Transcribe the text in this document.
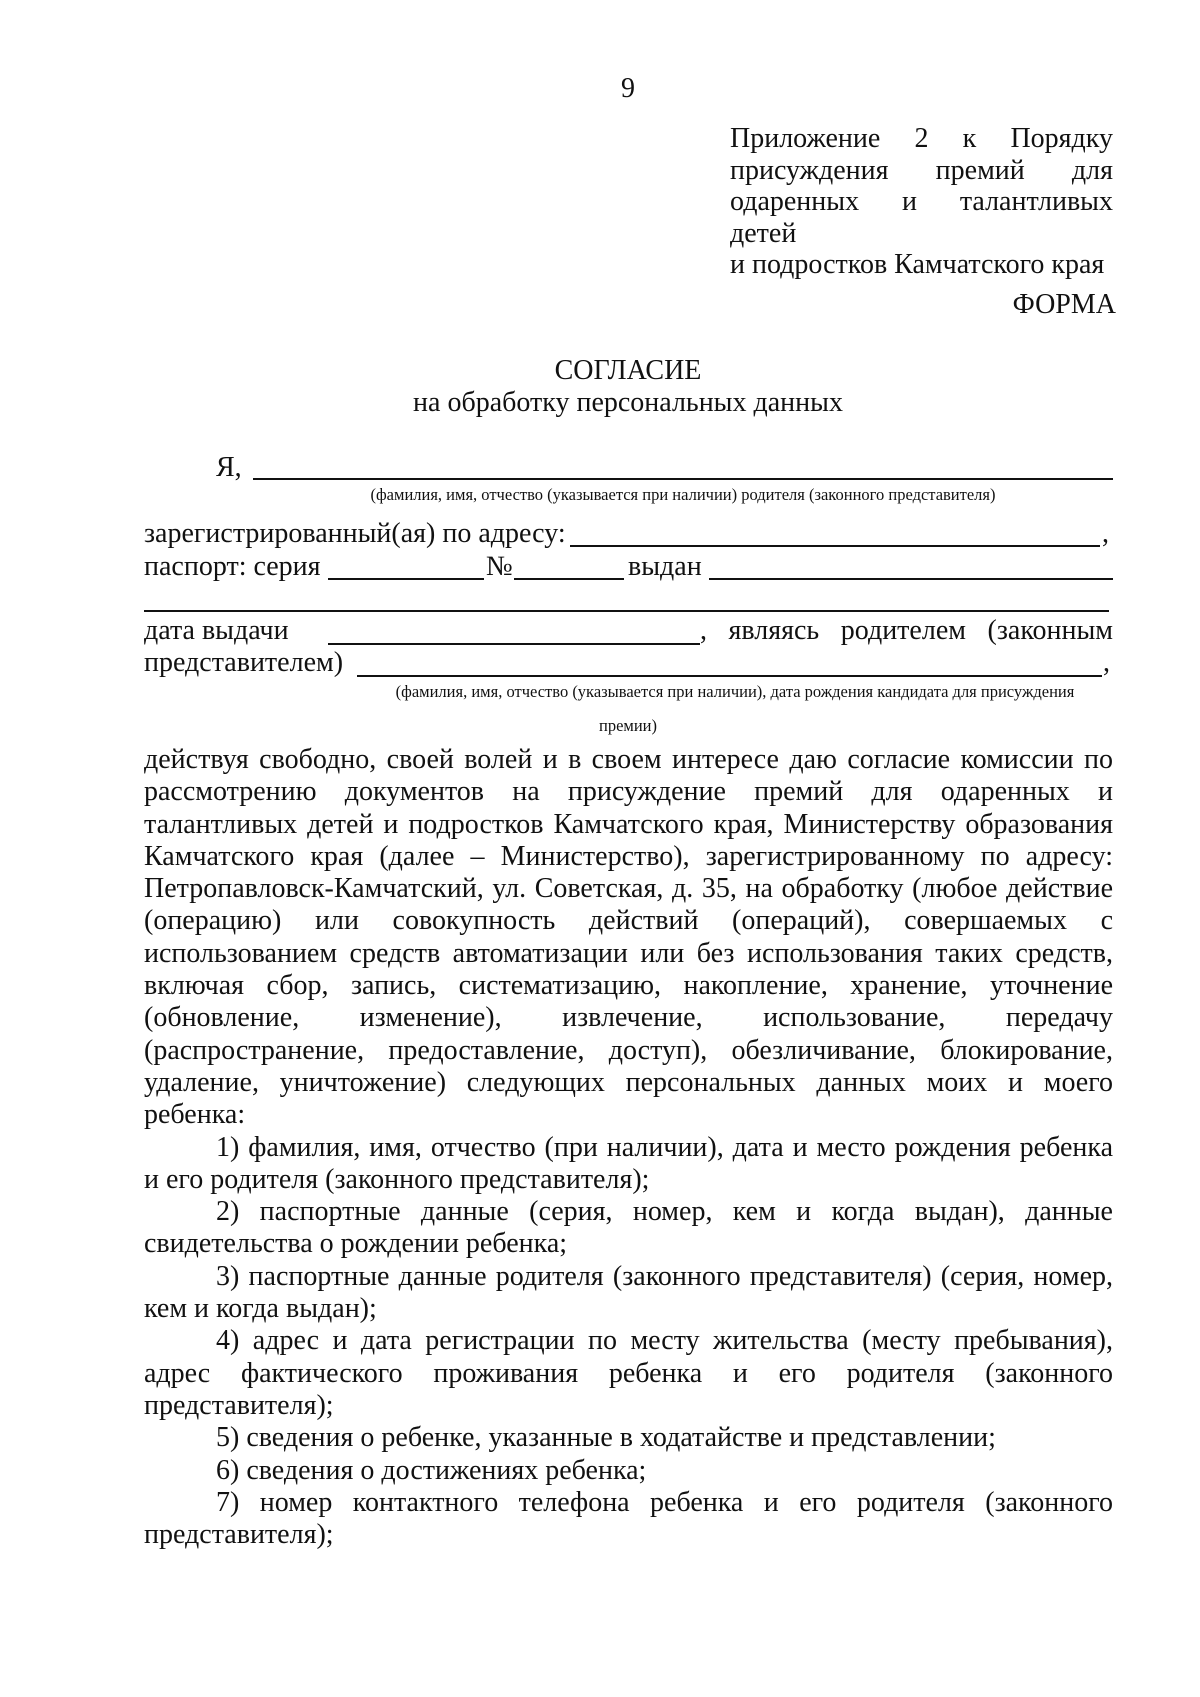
9
Приложение 2 к Порядку
присуждения премий для
одаренных и талантливых детей
и подростков Камчатского края
ФОРМА
СОГЛАСИЕ
на обработку персональных данных
Я,
(фамилия, имя, отчество (указывается при наличии) родителя (законного представителя)
зарегистрированный(ая) по адресу:	,
паспорт: серия	№	выдан
дата выдачи	, являясь родителем (законным
представителем)	,
(фамилия, имя, отчество (указывается при наличии), дата рождения кандидата для присуждения
премии)

действуя свободно, своей волей и в своем интересе даю согласие комиссии по рассмотрению документов на присуждение премий для одаренных и талантливых детей и подростков Камчатского края, Министерству образования Камчатского края (далее – Министерство), зарегистрированному по адресу: Петропавловск-Камчатский, ул. Советская, д. 35, на обработку (любое действие (операцию) или совокупность действий (операций), совершаемых с использованием средств автоматизации или без использования таких средств, включая сбор, запись, систематизацию, накопление, хранение, уточнение (обновление, изменение), извлечение, использование, передачу (распространение, предоставление, доступ), обезличивание, блокирование, удаление, уничтожение) следующих персональных данных моих и моего ребенка:

1) фамилия, имя, отчество (при наличии), дата и место рождения ребенка и его родителя (законного представителя);

2) паспортные данные (серия, номер, кем и когда выдан), данные свидетельства о рождении ребенка;

3) паспортные данные родителя (законного представителя) (серия, номер, кем и когда выдан);

4) адрес и дата регистрации по месту жительства (месту пребывания), адрес фактического проживания ребенка и его родителя (законного представителя);

5) сведения о ребенке, указанные в ходатайстве и представлении;

6) сведения о достижениях ребенка;

7) номер контактного телефона ребенка и его родителя (законного представителя);
